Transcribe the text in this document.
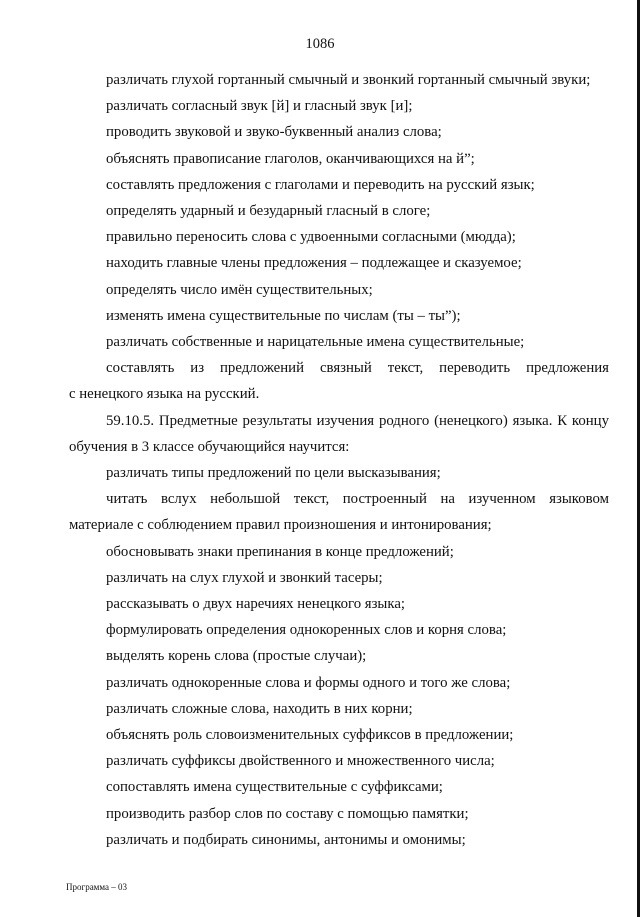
1086
различать глухой гортанный смычный и звонкий гортанный смычный звуки;
различать согласный звук [й] и гласный звук [и];
проводить звуковой и звуко-буквенный анализ слова;
объяснять правописание глаголов, оканчивающихся на й”;
составлять предложения с глаголами и переводить на русский язык;
определять ударный и безударный гласный в слоге;
правильно переносить слова с удвоенными согласными (мюдда);
находить главные члены предложения – подлежащее и сказуемое;
определять число имён существительных;
изменять имена существительные по числам (ты – ты”);
различать собственные и нарицательные имена существительные;
составлять из предложений связный текст, переводить предложения
с ненецкого языка на русский.
59.10.5. Предметные результаты изучения родного (ненецкого) языка. К концу
обучения в 3 классе обучающийся научится:
различать типы предложений по цели высказывания;
читать вслух небольшой текст, построенный на изученном языковом
материале с соблюдением правил произношения и интонирования;
обосновывать знаки препинания в конце предложений;
различать на слух глухой и звонкий тасеры;
рассказывать о двух наречиях ненецкого языка;
формулировать определения однокоренных слов и корня слова;
выделять корень слова (простые случаи);
различать однокоренные слова и формы одного и того же слова;
различать сложные слова, находить в них корни;
объяснять роль словоизменительных суффиксов в предложении;
различать суффиксы двойственного и множественного числа;
сопоставлять имена существительные с суффиксами;
производить разбор слов по составу с помощью памятки;
различать и подбирать синонимы, антонимы и омонимы;
Программа – 03
